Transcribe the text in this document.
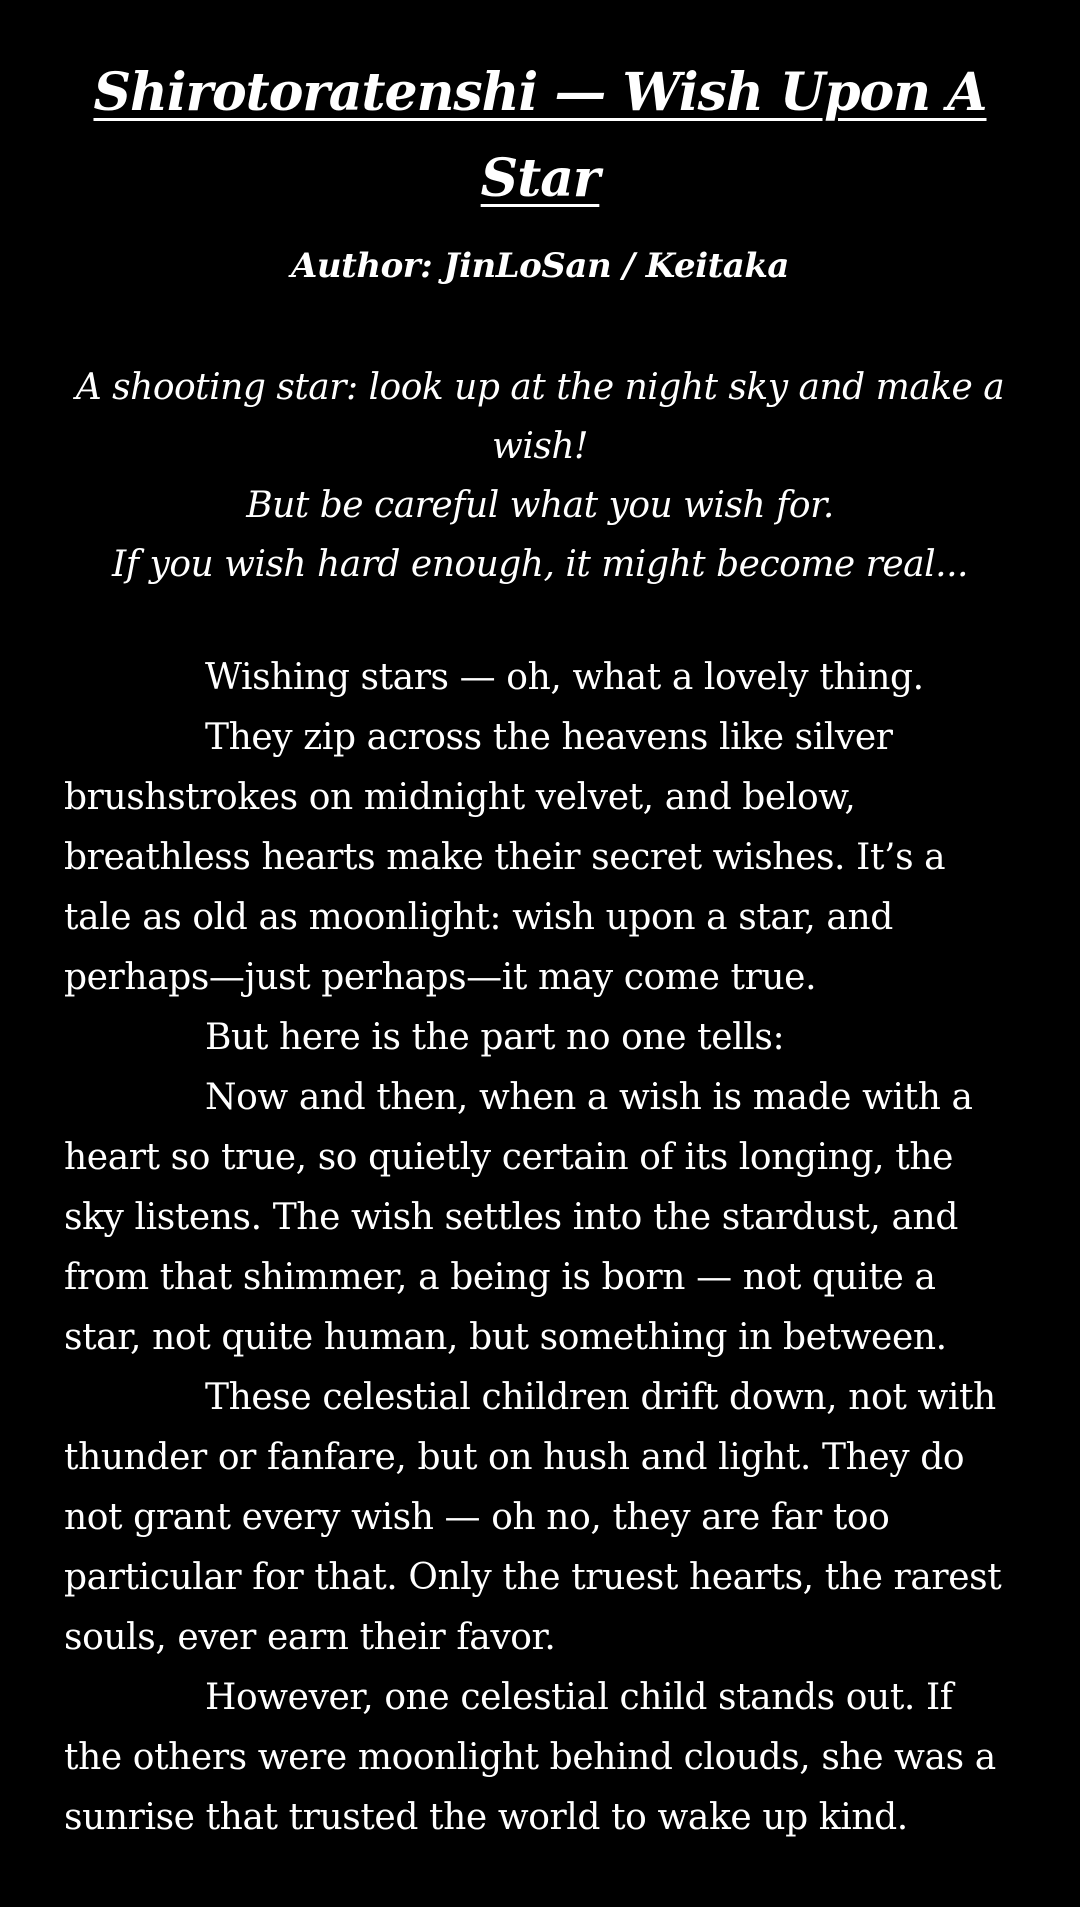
Shirotoratenshi — Wish Upon A Star
Author: JinLoSan / Keitaka
A shooting star: look up at the night sky and make a wish!
But be careful what you wish for.
If you wish hard enough, it might become real...

Wishing stars — oh, what a lovely thing.

They zip across the heavens like silver brushstrokes on midnight velvet, and below, breathless hearts make their secret wishes. It’s a tale as old as moonlight: wish upon a star, and perhaps—just perhaps—it may come true.

But here is the part no one tells:

Now and then, when a wish is made with a heart so true, so quietly certain of its longing, the sky listens. The wish settles into the stardust, and from that shimmer, a being is born — not quite a star, not quite human, but something in between.

These celestial children drift down, not with thunder or fanfare, but on hush and light. They do not grant every wish — oh no, they are far too particular for that. Only the truest hearts, the rarest souls, ever earn their favor.

However, one celestial child stands out. If the others were moonlight behind clouds, she was a sunrise that trusted the world to wake up kind.
